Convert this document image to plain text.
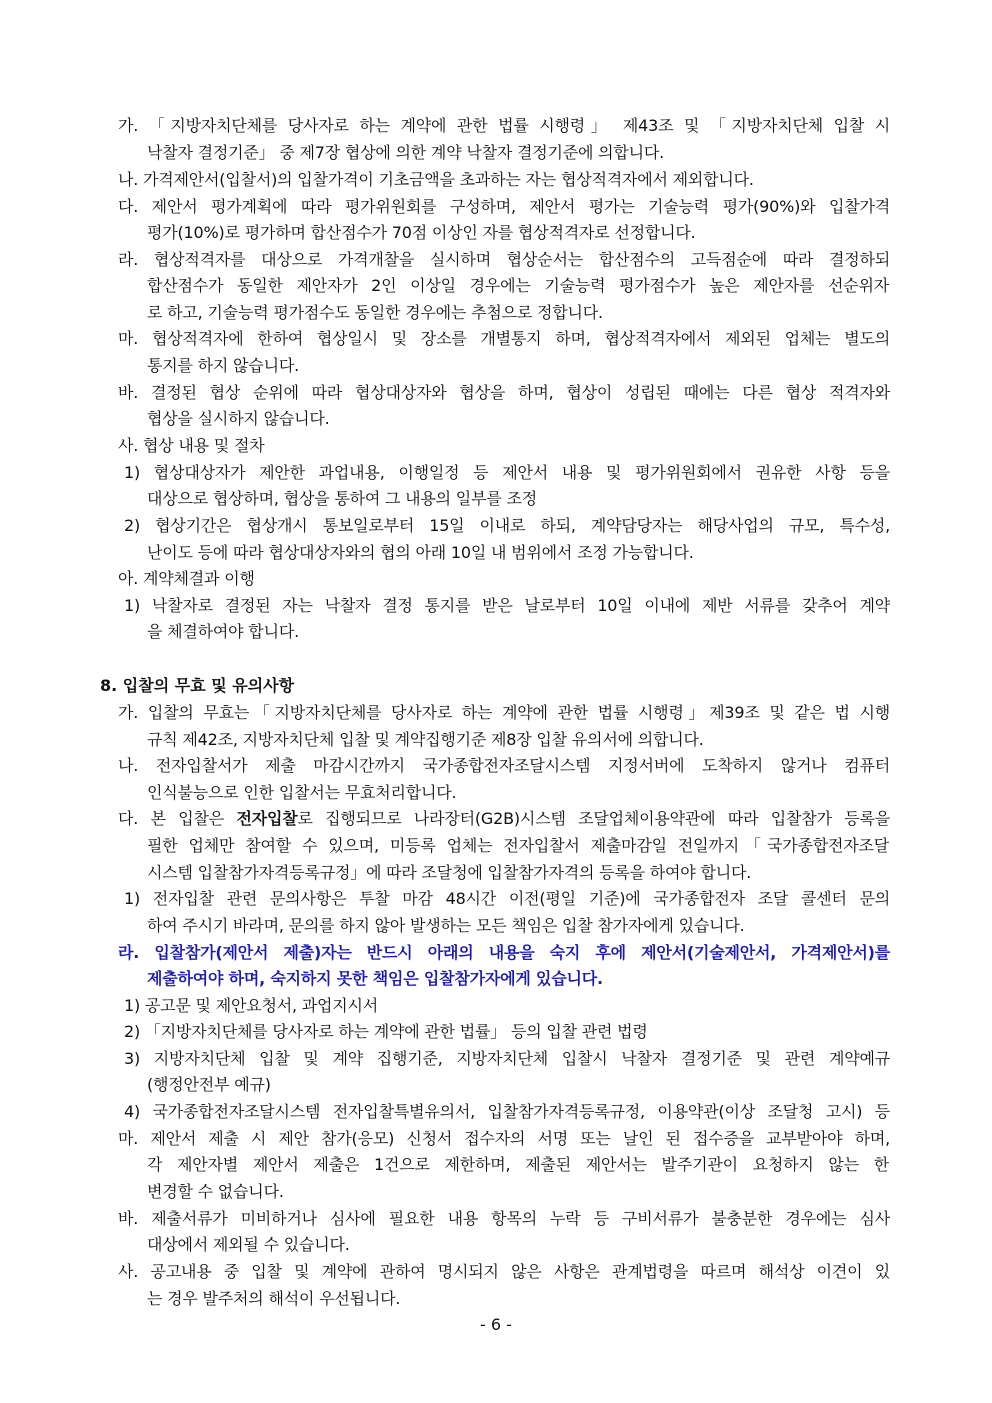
가. 「지방자치단체를 당사자로 하는 계약에 관한 법률 시행령」 제43조 및 「지방자치단체 입찰 시
낙찰자 결정기준」 중 제7장 협상에 의한 계약 낙찰자 결정기준에 의합니다.
나. 가격제안서(입찰서)의 입찰가격이 기초금액을 초과하는 자는 협상적격자에서 제외합니다.
다. 제안서 평가계획에 따라 평가위원회를 구성하며, 제안서 평가는 기술능력 평가(90%)와 입찰가격
평가(10%)로 평가하며 합산점수가 70점 이상인 자를 협상적격자로 선정합니다.
라. 협상적격자를 대상으로 가격개찰을 실시하며 협상순서는 합산점수의 고득점순에 따라 결정하되
합산점수가 동일한 제안자가 2인 이상일 경우에는 기술능력 평가점수가 높은 제안자를 선순위자
로 하고, 기술능력 평가점수도 동일한 경우에는 추첨으로 정합니다.
마. 협상적격자에 한하여 협상일시 및 장소를 개별통지 하며, 협상적격자에서 제외된 업체는 별도의
통지를 하지 않습니다.
바. 결정된 협상 순위에 따라 협상대상자와 협상을 하며, 협상이 성립된 때에는 다른 협상 적격자와
협상을 실시하지 않습니다.
사. 협상 내용 및 절차
1) 협상대상자가 제안한 과업내용, 이행일정 등 제안서 내용 및 평가위원회에서 권유한 사항 등을
대상으로 협상하며, 협상을 통하여 그 내용의 일부를 조정
2) 협상기간은 협상개시 통보일로부터 15일 이내로 하되, 계약담당자는 해당사업의 규모, 특수성,
난이도 등에 따라 협상대상자와의 협의 아래 10일 내 범위에서 조정 가능합니다.
아. 계약체결과 이행
1) 낙찰자로 결정된 자는 낙찰자 결정 통지를 받은 날로부터 10일 이내에 제반 서류를 갖추어 계약
을 체결하여야 합니다.
8. 입찰의 무효 및 유의사항
가. 입찰의 무효는「지방자치단체를 당사자로 하는 계약에 관한 법률 시행령」제39조 및 같은 법 시행
규칙 제42조, 지방자치단체 입찰 및 계약집행기준 제8장 입찰 유의서에 의합니다.
나. 전자입찰서가 제출 마감시간까지 국가종합전자조달시스템 지정서버에 도착하지 않거나 컴퓨터
인식불능으로 인한 입찰서는 무효처리합니다.
다. 본 입찰은 전자입찰로 집행되므로 나라장터(G2B)시스템 조달업체이용약관에 따라 입찰참가 등록을
필한 업체만 참여할 수 있으며, 미등록 업체는 전자입찰서 제출마감일 전일까지「국가종합전자조달
시스템 입찰참가자격등록규정」에 따라 조달청에 입찰참가자격의 등록을 하여야 합니다.
1) 전자입찰 관련 문의사항은 투찰 마감 48시간 이전(평일 기준)에 국가종합전자 조달 콜센터 문의
하여 주시기 바라며, 문의를 하지 않아 발생하는 모든 책임은 입찰 참가자에게 있습니다.
라. 입찰참가(제안서 제출)자는 반드시 아래의 내용을 숙지 후에 제안서(기술제안서, 가격제안서)를
제출하여야 하며, 숙지하지 못한 책임은 입찰참가자에게 있습니다.
1) 공고문 및 제안요청서, 과업지시서
2) 「지방자치단체를 당사자로 하는 계약에 관한 법률」 등의 입찰 관련 법령
3) 지방자치단체 입찰 및 계약 집행기준, 지방자치단체 입찰시 낙찰자 결정기준 및 관련 계약예규
(행정안전부 예규)
4) 국가종합전자조달시스템 전자입찰특별유의서, 입찰참가자격등록규정, 이용약관(이상 조달청 고시) 등
마. 제안서 제출 시 제안 참가(응모) 신청서 접수자의 서명 또는 날인 된 접수증을 교부받아야 하며,
각 제안자별 제안서 제출은 1건으로 제한하며, 제출된 제안서는 발주기관이 요청하지 않는 한
변경할 수 없습니다.
바. 제출서류가 미비하거나 심사에 필요한 내용 항목의 누락 등 구비서류가 불충분한 경우에는 심사
대상에서 제외될 수 있습니다.
사. 공고내용 중 입찰 및 계약에 관하여 명시되지 않은 사항은 관계법령을 따르며 해석상 이견이 있
는 경우 발주처의 해석이 우선됩니다.
- 6 -
